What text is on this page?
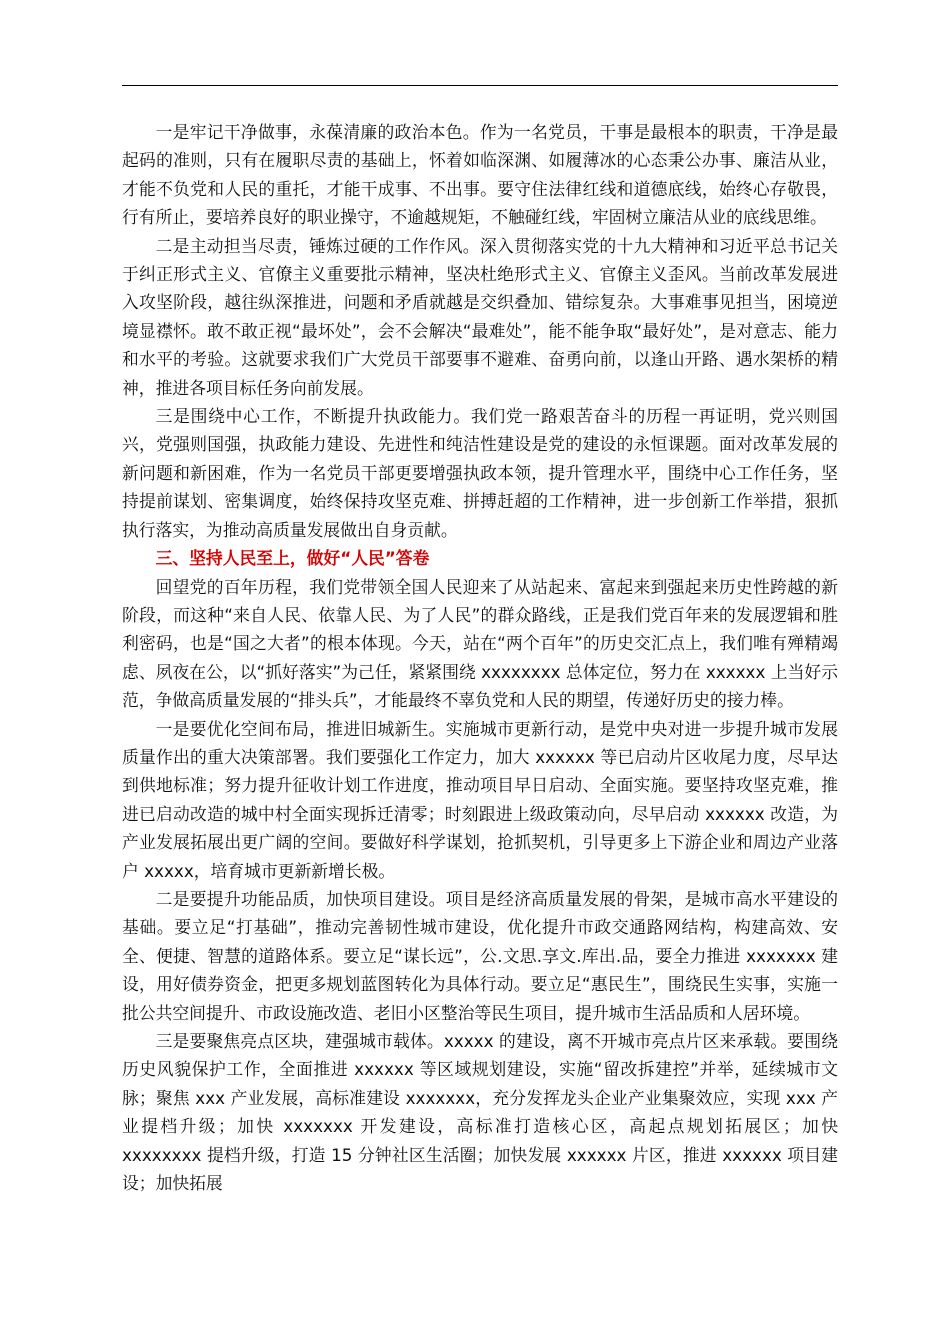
一是牢记干净做事，永葆清廉的政治本色。作为一名党员，干事是最根本的职责，干净是最起码的准则，只有在履职尽责的基础上，怀着如临深渊、如履薄冰的心态秉公办事、廉洁从业，才能不负党和人民的重托，才能干成事、不出事。要守住法律红线和道德底线，始终心存敬畏，行有所止，要培养良好的职业操守，不逾越规矩，不触碰红线，牢固树立廉洁从业的底线思维。

二是主动担当尽责，锤炼过硬的工作作风。深入贯彻落实党的十九大精神和习近平总书记关于纠正形式主义、官僚主义重要批示精神，坚决杜绝形式主义、官僚主义歪风。当前改革发展进入攻坚阶段，越往纵深推进，问题和矛盾就越是交织叠加、错综复杂。大事难事见担当，困境逆境显襟怀。敢不敢正视“最坏处”，会不会解决“最难处”，能不能争取“最好处”，是对意志、能力和水平的考验。这就要求我们广大党员干部要事不避难、奋勇向前，以逢山开路、遇水架桥的精神，推进各项目标任务向前发展。

三是围绕中心工作，不断提升执政能力。我们党一路艰苦奋斗的历程一再证明，党兴则国兴，党强则国强，执政能力建设、先进性和纯洁性建设是党的建设的永恒课题。面对改革发展的新问题和新困难，作为一名党员干部更要增强执政本领，提升管理水平，围绕中心工作任务，坚持提前谋划、密集调度，始终保持攻坚克难、拼搏赶超的工作精神，进一步创新工作举措，狠抓执行落实，为推动高质量发展做出自身贡献。

三、坚持人民至上，做好“人民”答卷

回望党的百年历程，我们党带领全国人民迎来了从站起来、富起来到强起来历史性跨越的新阶段，而这种“来自人民、依靠人民、为了人民”的群众路线，正是我们党百年来的发展逻辑和胜利密码，也是“国之大者”的根本体现。今天，站在“两个百年”的历史交汇点上，我们唯有殚精竭虑、夙夜在公，以“抓好落实”为己任，紧紧围绕 xxxxxxxx 总体定位，努力在 xxxxxx 上当好示范，争做高质量发展的“排头兵”，才能最终不辜负党和人民的期望，传递好历史的接力棒。

一是要优化空间布局，推进旧城新生。实施城市更新行动，是党中央对进一步提升城市发展质量作出的重大决策部署。我们要强化工作定力，加大 xxxxxx 等已启动片区收尾力度，尽早达到供地标准；努力提升征收计划工作进度，推动项目早日启动、全面实施。要坚持攻坚克难，推进已启动改造的城中村全面实现拆迁清零；时刻跟进上级政策动向，尽早启动 xxxxxx 改造，为产业发展拓展出更广阔的空间。要做好科学谋划，抢抓契机，引导更多上下游企业和周边产业落户 xxxxx，培育城市更新新增长极。

二是要提升功能品质，加快项目建设。项目是经济高质量发展的骨架，是城市高水平建设的基础。要立足“打基础”，推动完善韧性城市建设，优化提升市政交通路网结构，构建高效、安全、便捷、智慧的道路体系。要立足“谋长远”，公.文思.享文.库出.品，要全力推进 xxxxxxx 建设，用好债券资金，把更多规划蓝图转化为具体行动。要立足“惠民生”，围绕民生实事，实施一批公共空间提升、市政设施改造、老旧小区整治等民生项目，提升城市生活品质和人居环境。

三是要聚焦亮点区块，建强城市载体。xxxxx 的建设，离不开城市亮点片区来承载。要围绕历史风貌保护工作，全面推进 xxxxxx 等区域规划建设，实施“留改拆建控”并举，延续城市文脉；聚焦 xxx 产业发展，高标准建设 xxxxxxx，充分发挥龙头企业产业集聚效应，实现 xxx 产业提档升级；加快 xxxxxxx 开发建设，高标准打造核心区，高起点规划拓展区；加快 xxxxxxxx 提档升级，打造 15 分钟社区生活圈；加快发展 xxxxxx 片区，推进 xxxxxx 项目建设；加快拓展
